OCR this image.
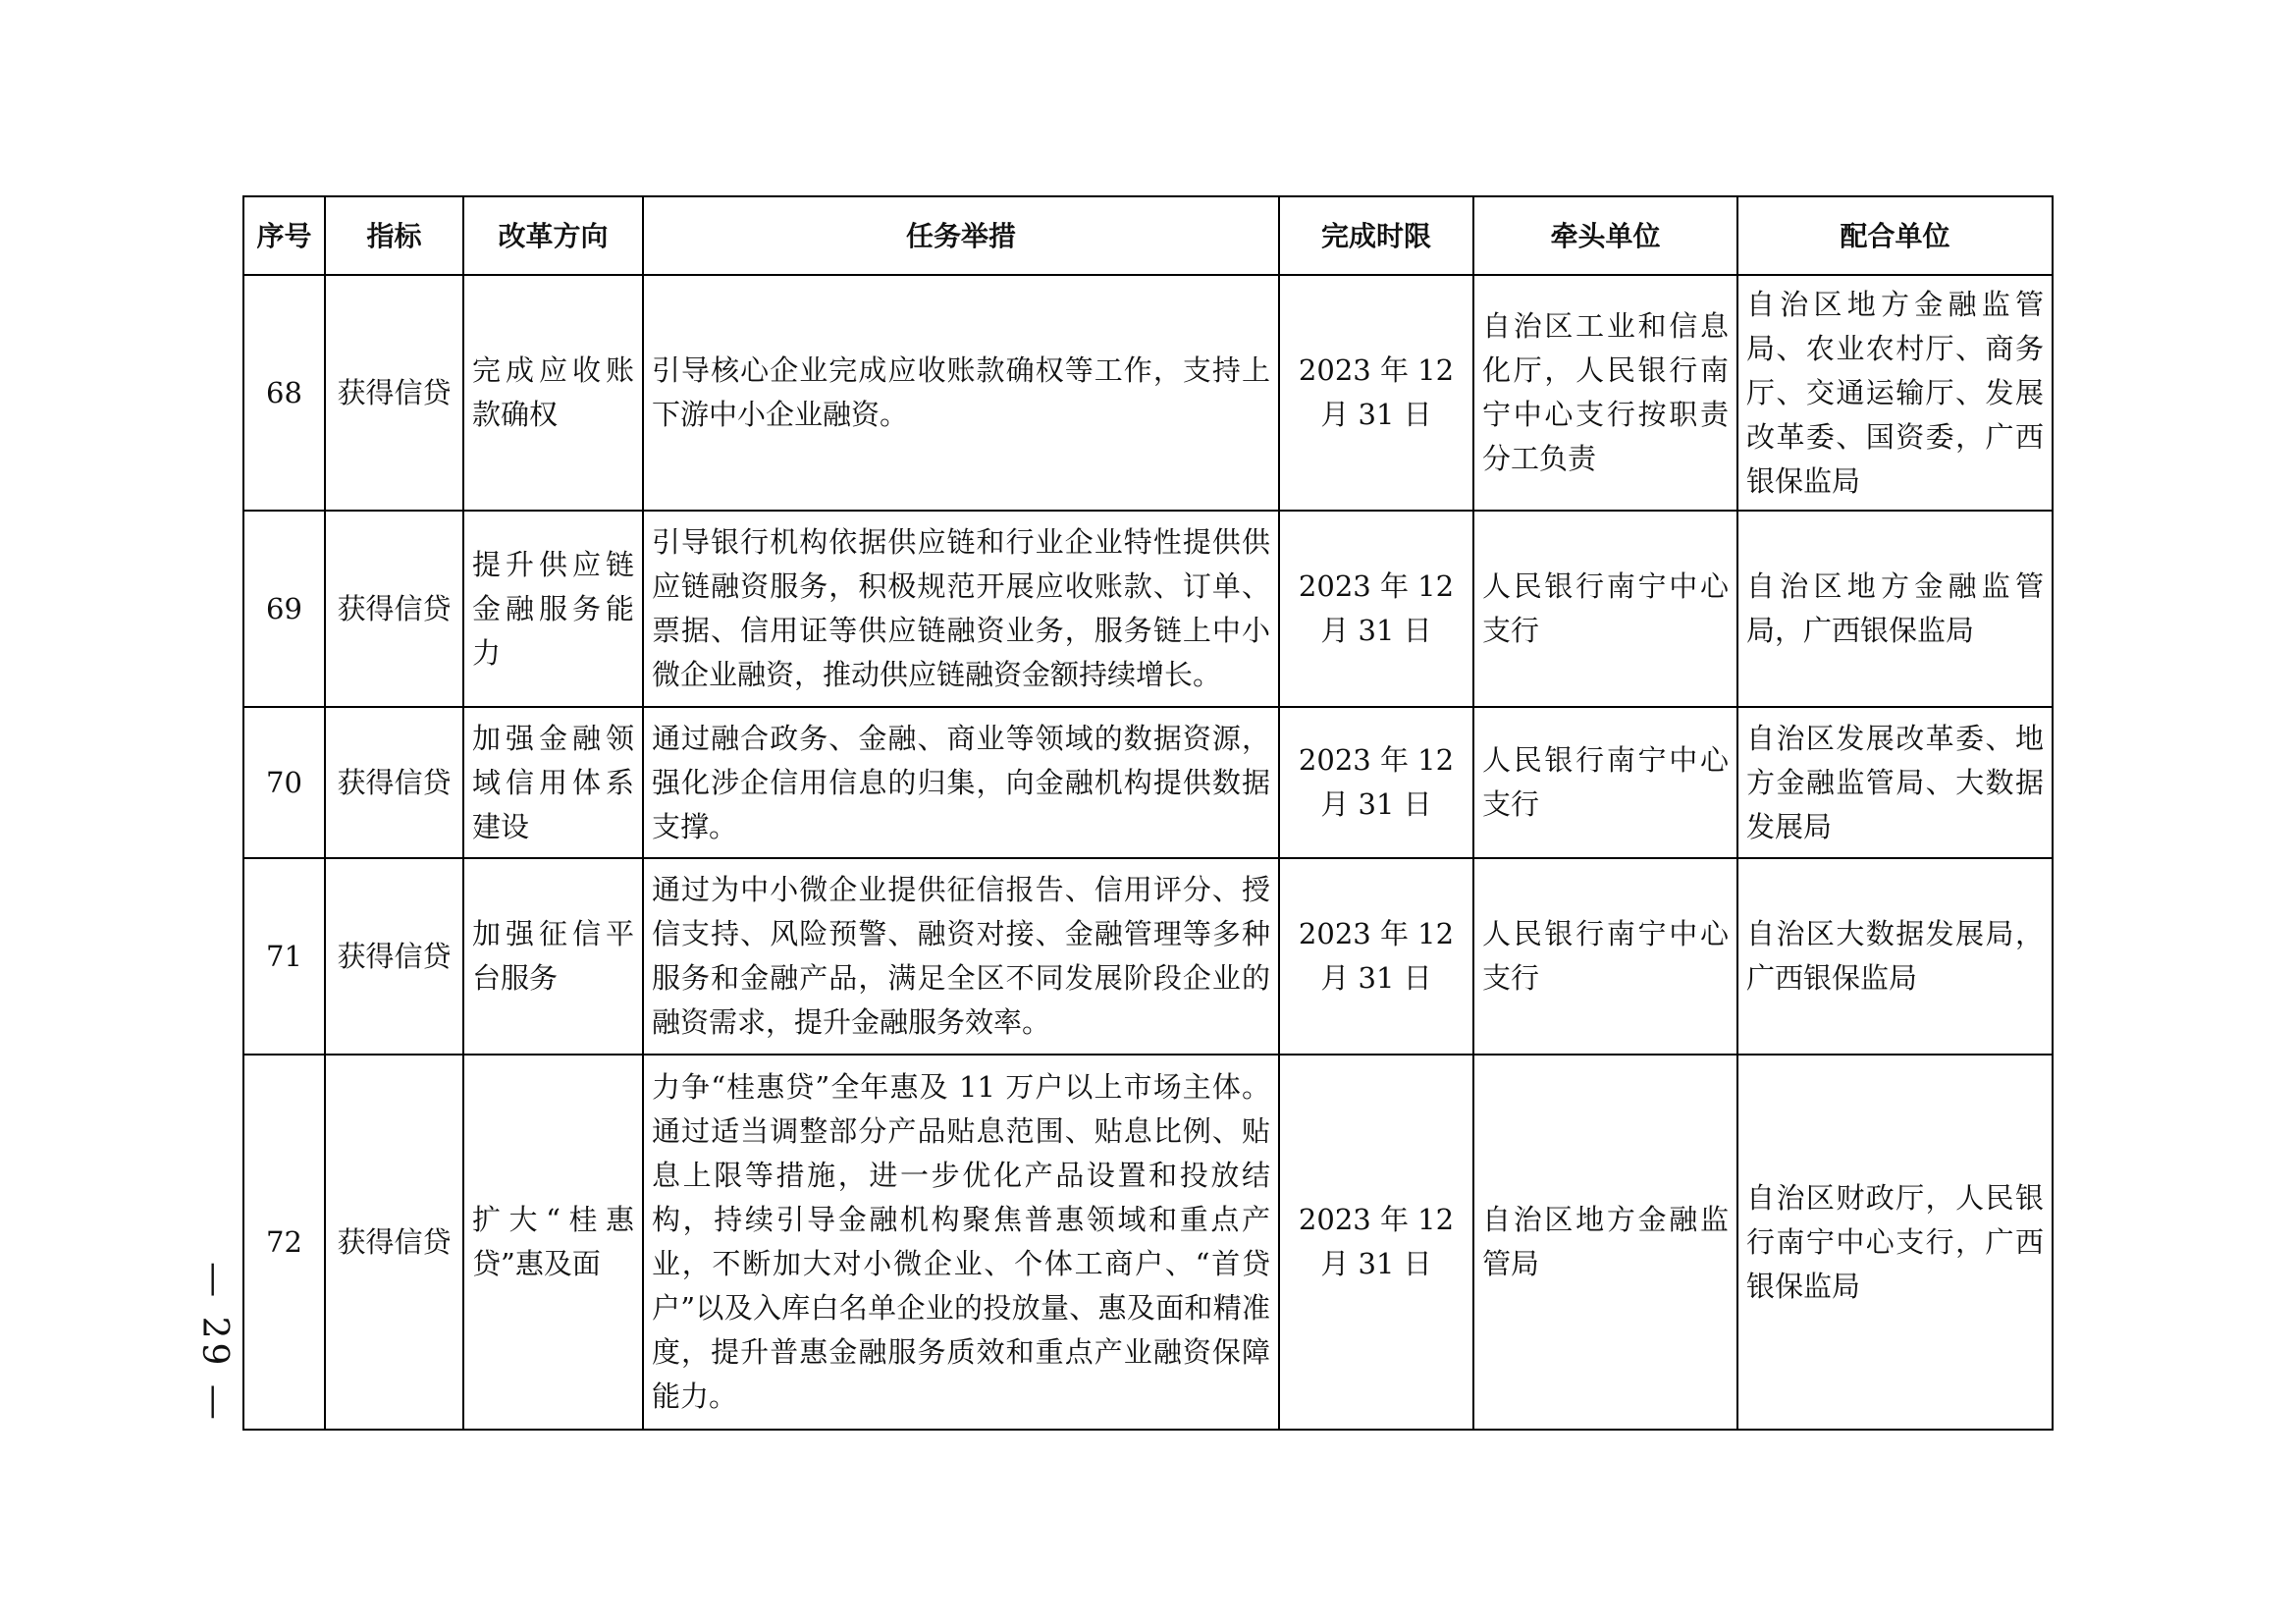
— 29 —
序号	指标	改革方向	任务举措	完成时限	牵头单位	配合单位
68	获得信贷	完成应收账款确权	引导核心企业完成应收账款确权等工作，支持上下游中小企业融资。	2023 年 12 月 31 日	自治区工业和信息化厅，人民银行南宁中心支行按职责分工负责	自治区地方金融监管局、农业农村厅、商务厅、交通运输厅、发展改革委、国资委，广西银保监局
69	获得信贷	提升供应链金融服务能力	引导银行机构依据供应链和行业企业特性提供供应链融资服务，积极规范开展应收账款、订单、票据、信用证等供应链融资业务，服务链上中小微企业融资，推动供应链融资金额持续增长。	2023 年 12 月 31 日	人民银行南宁中心支行	自治区地方金融监管局，广西银保监局
70	获得信贷	加强金融领域信用体系建设	通过融合政务、金融、商业等领域的数据资源，强化涉企信用信息的归集，向金融机构提供数据支撑。	2023 年 12 月 31 日	人民银行南宁中心支行	自治区发展改革委、地方金融监管局、大数据发展局
71	获得信贷	加强征信平台服务	通过为中小微企业提供征信报告、信用评分、授信支持、风险预警、融资对接、金融管理等多种服务和金融产品，满足全区不同发展阶段企业的融资需求，提升金融服务效率。	2023 年 12 月 31 日	人民银行南宁中心支行	自治区大数据发展局，广西银保监局
72	获得信贷	扩大“桂惠贷”惠及面	力争“桂惠贷”全年惠及 11 万户以上市场主体。通过适当调整部分产品贴息范围、贴息比例、贴息上限等措施，进一步优化产品设置和投放结构，持续引导金融机构聚焦普惠领域和重点产业，不断加大对小微企业、个体工商户、“首贷户”以及入库白名单企业的投放量、惠及面和精准度，提升普惠金融服务质效和重点产业融资保障能力。	2023 年 12 月 31 日	自治区地方金融监管局	自治区财政厅，人民银行南宁中心支行，广西银保监局
